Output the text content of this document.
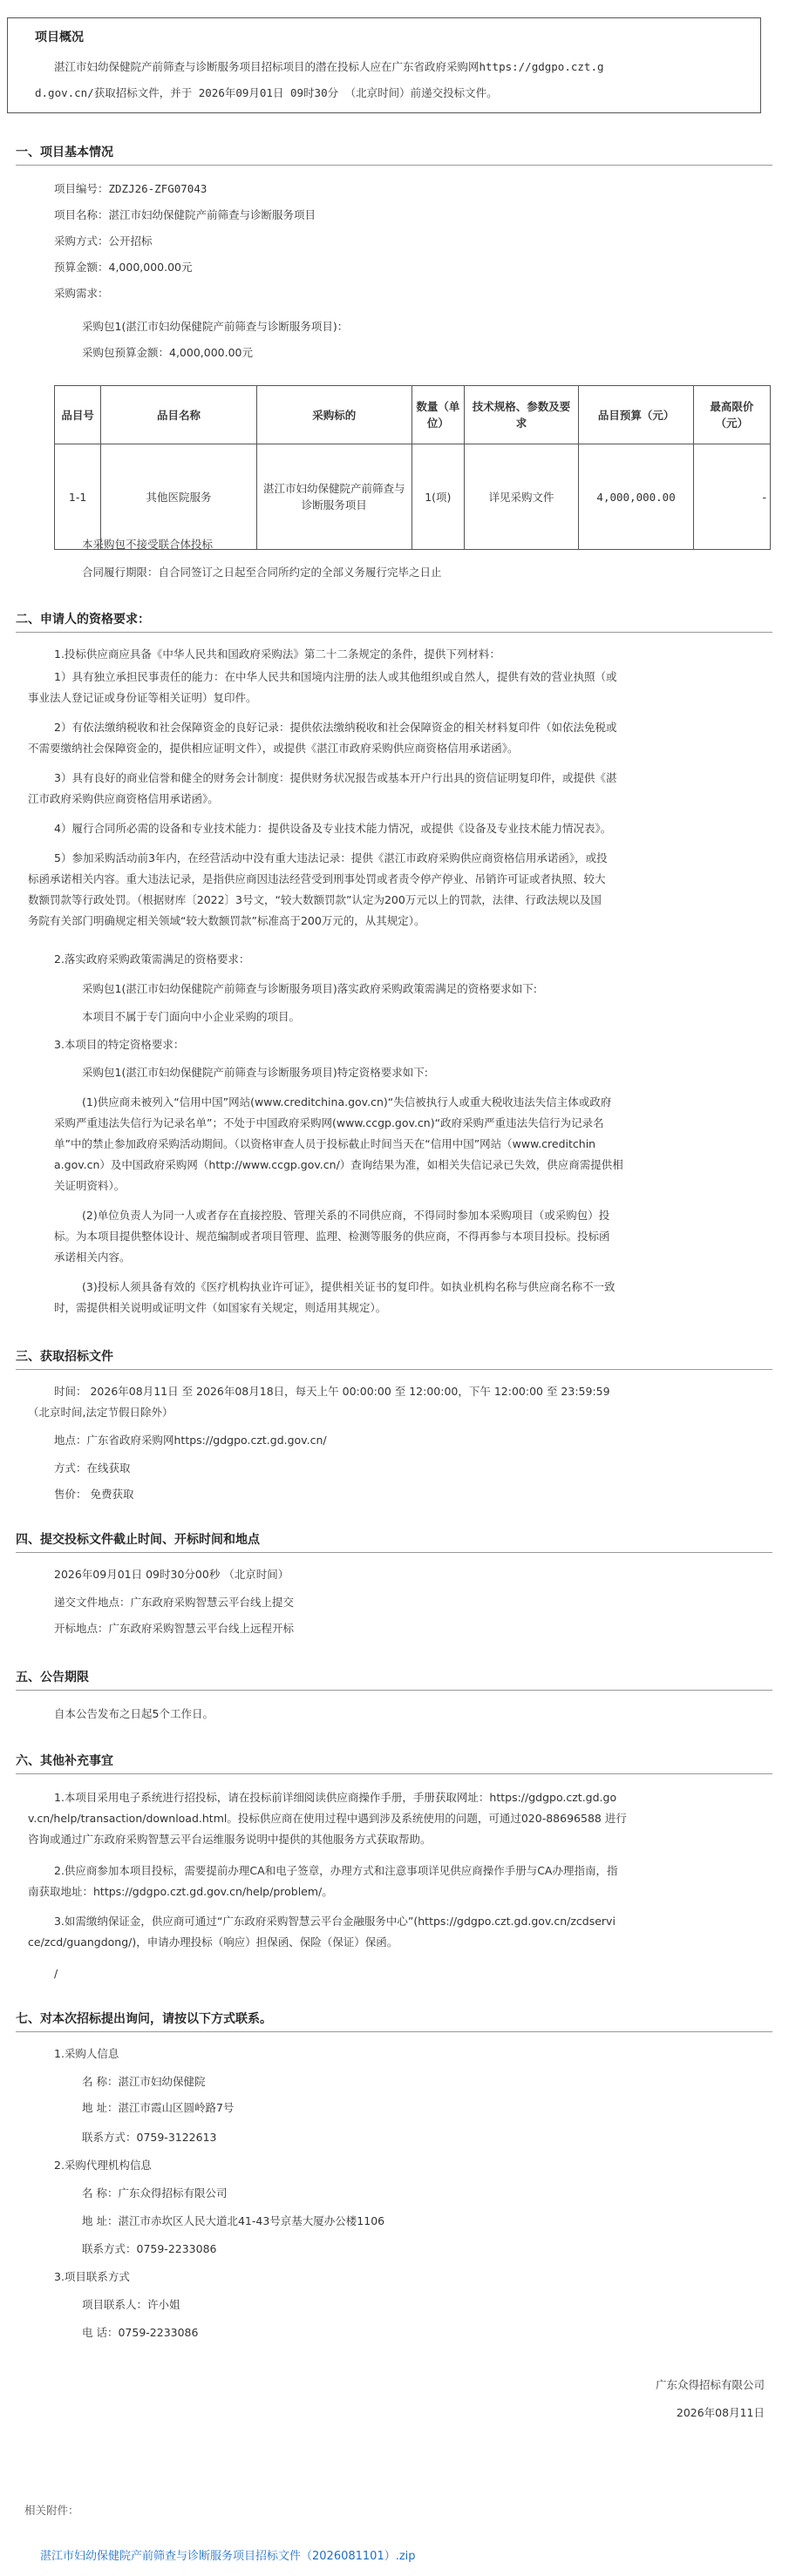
项目概况
湛江市妇幼保健院产前筛查与诊断服务项目招标项目的潜在投标人应在广东省政府采购网https://gdgpo.czt.g
d.gov.cn/获取招标文件，并于 2026年09月01日 09时30分 （北京时间）前递交投标文件。
一、项目基本情况
项目编号：ZDZJ26-ZFG07043
项目名称：湛江市妇幼保健院产前筛查与诊断服务项目
采购方式：公开招标
预算金额：4,000,000.00元
采购需求：
采购包1(湛江市妇幼保健院产前筛查与诊断服务项目)：
采购包预算金额：4,000,000.00元
品目号	品目名称	采购标的	数量（单位）	技术规格、参数及要求	品目预算（元）	最高限价（元）
1-1	其他医院服务	湛江市妇幼保健院产前筛查与诊断服务项目	1(项)	详见采购文件	4,000,000.00	-
本采购包不接受联合体投标
合同履行期限：自合同签订之日起至合同所约定的全部义务履行完毕之日止
二、申请人的资格要求：
1.投标供应商应具备《中华人民共和国政府采购法》第二十二条规定的条件，提供下列材料：
1）具有独立承担民事责任的能力：在中华人民共和国境内注册的法人或其他组织或自然人，提供有效的营业执照（或
事业法人登记证或身份证等相关证明）复印件。
2）有依法缴纳税收和社会保障资金的良好记录：提供依法缴纳税收和社会保障资金的相关材料复印件（如依法免税或
不需要缴纳社会保障资金的，提供相应证明文件），或提供《湛江市政府采购供应商资格信用承诺函》。
3）具有良好的商业信誉和健全的财务会计制度：提供财务状况报告或基本开户行出具的资信证明复印件，或提供《湛
江市政府采购供应商资格信用承诺函》。
4）履行合同所必需的设备和专业技术能力：提供设备及专业技术能力情况，或提供《设备及专业技术能力情况表》。
5）参加采购活动前3年内，在经营活动中没有重大违法记录：提供《湛江市政府采购供应商资格信用承诺函》，或投
标函承诺相关内容。重大违法记录，是指供应商因违法经营受到刑事处罚或者责令停产停业、吊销许可证或者执照、较大
数额罚款等行政处罚。（根据财库〔2022〕3号文，“较大数额罚款”认定为200万元以上的罚款，法律、行政法规以及国
务院有关部门明确规定相关领域“较大数额罚款”标准高于200万元的，从其规定）。
2.落实政府采购政策需满足的资格要求：
采购包1(湛江市妇幼保健院产前筛查与诊断服务项目)落实政府采购政策需满足的资格要求如下:
本项目不属于专门面向中小企业采购的项目。
3.本项目的特定资格要求：
采购包1(湛江市妇幼保健院产前筛查与诊断服务项目)特定资格要求如下:
(1)供应商未被列入“信用中国”网站(www.creditchina.gov.cn)“失信被执行人或重大税收违法失信主体或政府
采购严重违法失信行为记录名单”；不处于中国政府采购网(www.ccgp.gov.cn)“政府采购严重违法失信行为记录名
单”中的禁止参加政府采购活动期间。（以资格审查人员于投标截止时间当天在“信用中国”网站（www.creditchin
a.gov.cn）及中国政府采购网（http://www.ccgp.gov.cn/）查询结果为准，如相关失信记录已失效，供应商需提供相
关证明资料）。
(2)单位负责人为同一人或者存在直接控股、管理关系的不同供应商，不得同时参加本采购项目（或采购包）投
标。为本项目提供整体设计、规范编制或者项目管理、监理、检测等服务的供应商，不得再参与本项目投标。投标函
承诺相关内容。
(3)投标人须具备有效的《医疗机构执业许可证》，提供相关证书的复印件。如执业机构名称与供应商名称不一致
时，需提供相关说明或证明文件（如国家有关规定，则适用其规定）。
三、获取招标文件
时间： 2026年08月11日 至 2026年08月18日，每天上午 00:00:00 至 12:00:00，下午 12:00:00 至 23:59:59
（北京时间,法定节假日除外）
地点：广东省政府采购网https://gdgpo.czt.gd.gov.cn/
方式：在线获取
售价： 免费获取
四、提交投标文件截止时间、开标时间和地点
2026年09月01日 09时30分00秒 （北京时间）
递交文件地点：广东政府采购智慧云平台线上提交
开标地点：广东政府采购智慧云平台线上远程开标
五、公告期限
自本公告发布之日起5个工作日。
六、其他补充事宜
1.本项目采用电子系统进行招投标，请在投标前详细阅读供应商操作手册，手册获取网址：https://gdgpo.czt.gd.go
v.cn/help/transaction/download.html。投标供应商在使用过程中遇到涉及系统使用的问题，可通过020-88696588 进行
咨询或通过广东政府采购智慧云平台运维服务说明中提供的其他服务方式获取帮助。
2.供应商参加本项目投标，需要提前办理CA和电子签章，办理方式和注意事项详见供应商操作手册与CA办理指南，指
南获取地址：https://gdgpo.czt.gd.gov.cn/help/problem/。
3.如需缴纳保证金，供应商可通过“广东政府采购智慧云平台金融服务中心”(https://gdgpo.czt.gd.gov.cn/zcdservi
ce/zcd/guangdong/)，申请办理投标（响应）担保函、保险（保证）保函。
/
七、对本次招标提出询问，请按以下方式联系。
1.采购人信息
名 称：湛江市妇幼保健院
地 址：湛江市霞山区圆岭路7号
联系方式：0759-3122613
2.采购代理机构信息
名 称：广东众得招标有限公司
地 址：湛江市赤坎区人民大道北41-43号京基大厦办公楼1106
联系方式：0759-2233086
3.项目联系方式
项目联系人：许小姐
电 话：0759-2233086
广东众得招标有限公司
2026年08月11日
相关附件：
湛江市妇幼保健院产前筛查与诊断服务项目招标文件（2026081101）.zip
